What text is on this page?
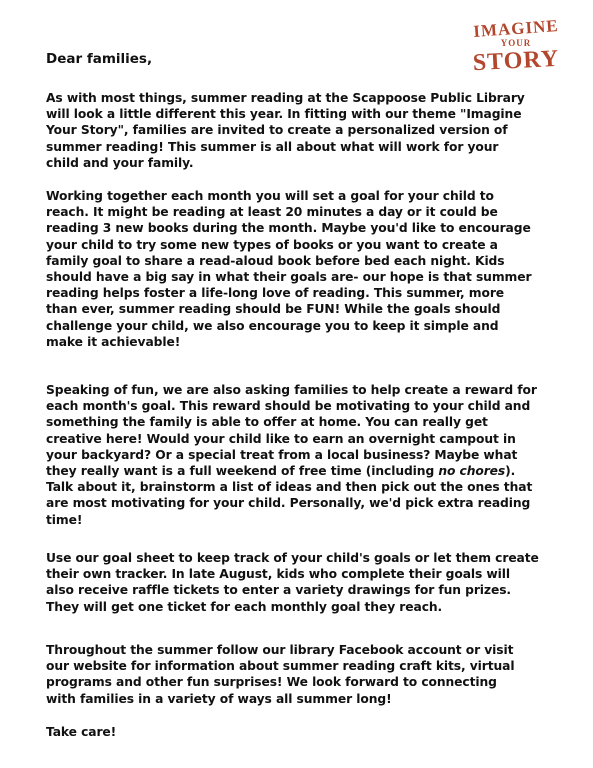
IMAGINE
YOUR
STORY

Dear families,

As with most things, summer reading at the Scappoose Public Library
will look a little different this year. In fitting with our theme "Imagine
Your Story", families are invited to create a personalized version of
summer reading! This summer is all about what will work for your
child and your family.

Working together each month you will set a goal for your child to
reach. It might be reading at least 20 minutes a day or it could be
reading 3 new books during the month. Maybe you'd like to encourage
your child to try some new types of books or you want to create a
family goal to share a read-aloud book before bed each night. Kids
should have a big say in what their goals are- our hope is that summer
reading helps foster a life-long love of reading. This summer, more
than ever, summer reading should be FUN! While the goals should
challenge your child, we also encourage you to keep it simple and
make it achievable!

Speaking of fun, we are also asking families to help create a reward for
each month's goal. This reward should be motivating to your child and
something the family is able to offer at home. You can really get
creative here! Would your child like to earn an overnight campout in
your backyard? Or a special treat from a local business? Maybe what
they really want is a full weekend of free time (including no chores).
Talk about it, brainstorm a list of ideas and then pick out the ones that
are most motivating for your child. Personally, we'd pick extra reading
time!

Use our goal sheet to keep track of your child's goals or let them create
their own tracker. In late August, kids who complete their goals will
also receive raffle tickets to enter a variety drawings for fun prizes.
They will get one ticket for each monthly goal they reach.

Throughout the summer follow our library Facebook account or visit
our website for information about summer reading craft kits, virtual
programs and other fun surprises! We look forward to connecting
with families in a variety of ways all summer long!

Take care!
